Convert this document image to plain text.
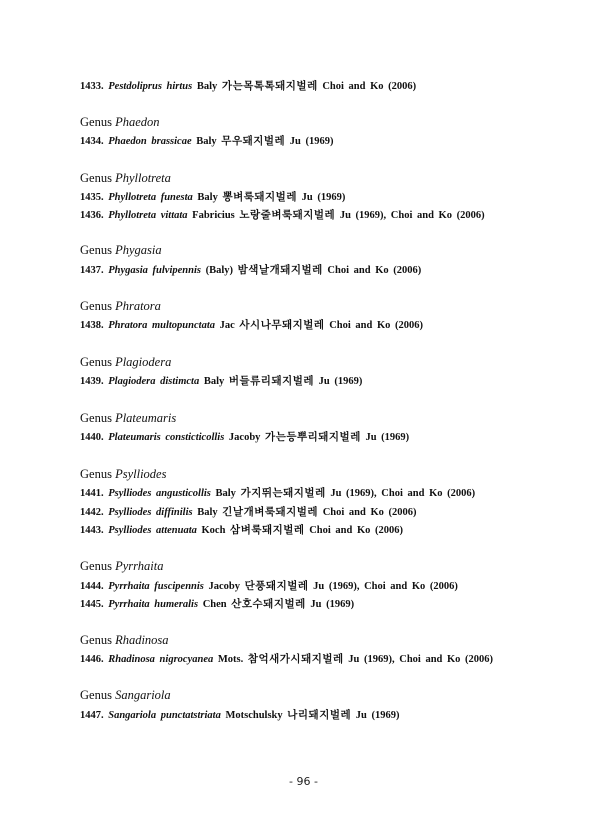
1433. Pestdoliprus hirtus Baly 가는목톡톡돼지벌레 Choi and Ko (2006)
Genus Phaedon
1434. Phaedon brassicae Baly 무우돼지벌레 Ju (1969)
Genus Phyllotreta
1435. Phyllotreta funesta Baly 뽕벼룩돼지벌레 Ju (1969)
1436. Phyllotreta vittata Fabricius 노랑줄벼룩돼지벌레 Ju (1969), Choi and Ko (2006)
Genus Phygasia
1437. Phygasia fulvipennis (Baly) 밤색날개돼지벌레 Choi and Ko (2006)
Genus Phratora
1438. Phratora multopunctata Jac 사시나무돼지벌레 Choi and Ko (2006)
Genus Plagiodera
1439. Plagiodera distimcta Baly 버들류리돼지벌레 Ju (1969)
Genus Plateumaris
1440. Plateumaris consticticollis Jacoby 가는등뿌리돼지벌레 Ju (1969)
Genus Psylliodes
1441. Psylliodes angusticollis Baly 가지뛰는돼지벌레 Ju (1969), Choi and Ko (2006)
1442. Psylliodes diffinilis Baly 긴날개벼룩돼지벌레 Choi and Ko (2006)
1443. Psylliodes attenuata Koch 삼벼룩돼지벌레 Choi and Ko (2006)
Genus Pyrrhaita
1444. Pyrrhaita fuscipennis Jacoby 단풍돼지벌레 Ju (1969), Choi and Ko (2006)
1445. Pyrrhaita humeralis Chen 산호수돼지벌레 Ju (1969)
Genus Rhadinosa
1446. Rhadinosa nigrocyanea Mots. 참억새가시돼지벌레 Ju (1969), Choi and Ko (2006)
Genus Sangariola
1447. Sangariola punctatstriata Motschulsky 나리돼지벌레 Ju (1969)
- 96 -
